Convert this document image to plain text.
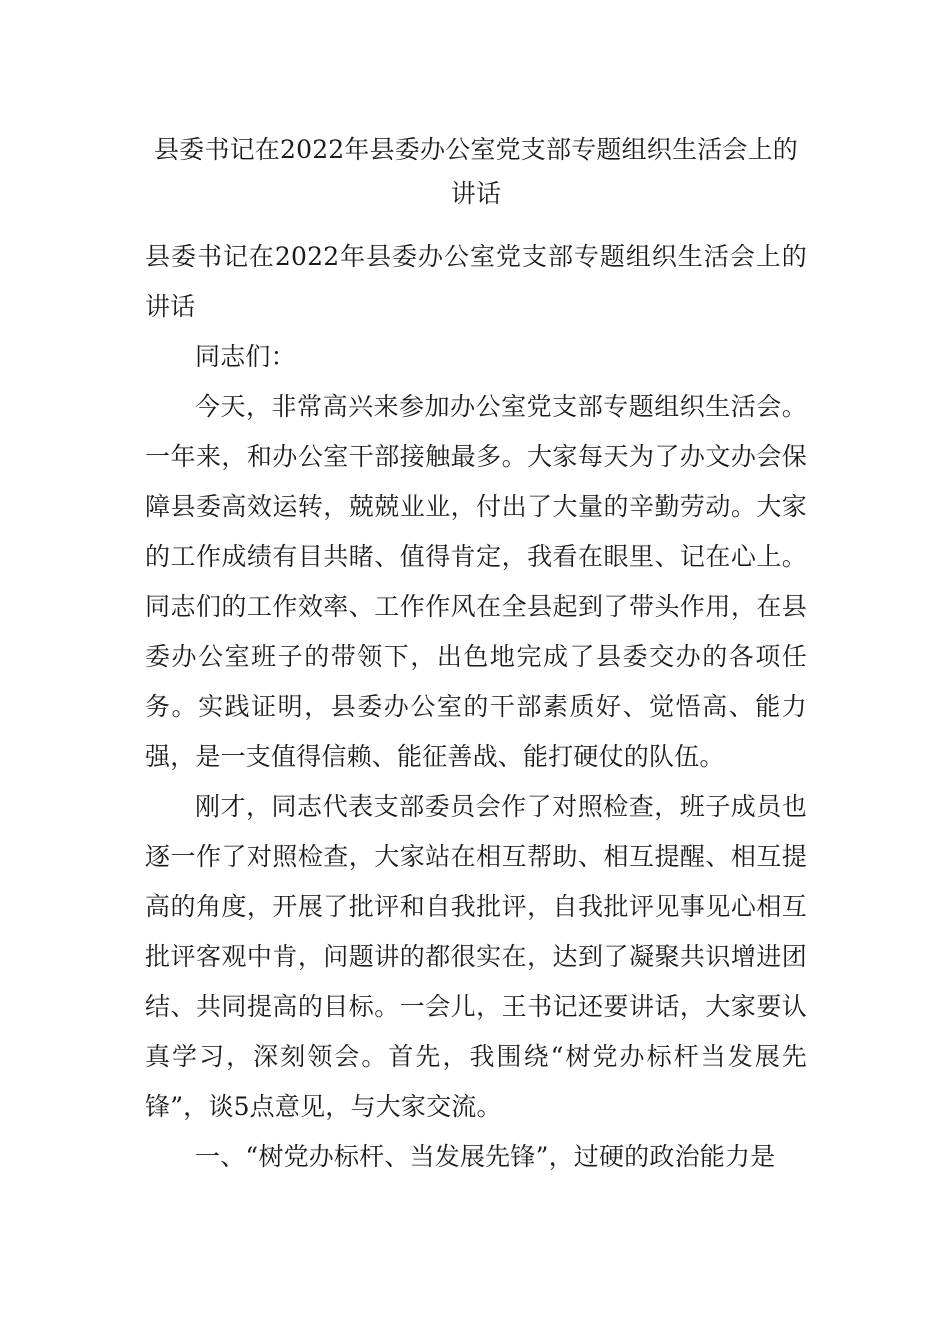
县委书记在2022年县委办公室党支部专题组织生活会上的讲话

县委书记在2022年县委办公室党支部专题组织生活会上的讲话

同志们：

今天，非常高兴来参加办公室党支部专题组织生活会。一年来，和办公室干部接触最多。大家每天为了办文办会保障县委高效运转，兢兢业业，付出了大量的辛勤劳动。大家的工作成绩有目共睹、值得肯定，我看在眼里、记在心上。同志们的工作效率、工作作风在全县起到了带头作用，在县委办公室班子的带领下，出色地完成了县委交办的各项任务。实践证明，县委办公室的干部素质好、觉悟高、能力强，是一支值得信赖、能征善战、能打硬仗的队伍。

刚才，同志代表支部委员会作了对照检查，班子成员也逐一作了对照检查，大家站在相互帮助、相互提醒、相互提高的角度，开展了批评和自我批评，自我批评见事见心相互批评客观中肯，问题讲的都很实在，达到了凝聚共识增进团结、共同提高的目标。一会儿，王书记还要讲话，大家要认真学习，深刻领会。首先，我围绕“树党办标杆当发展先锋”，谈5点意见，与大家交流。

一、“树党办标杆、当发展先锋”，过硬的政治能力是
